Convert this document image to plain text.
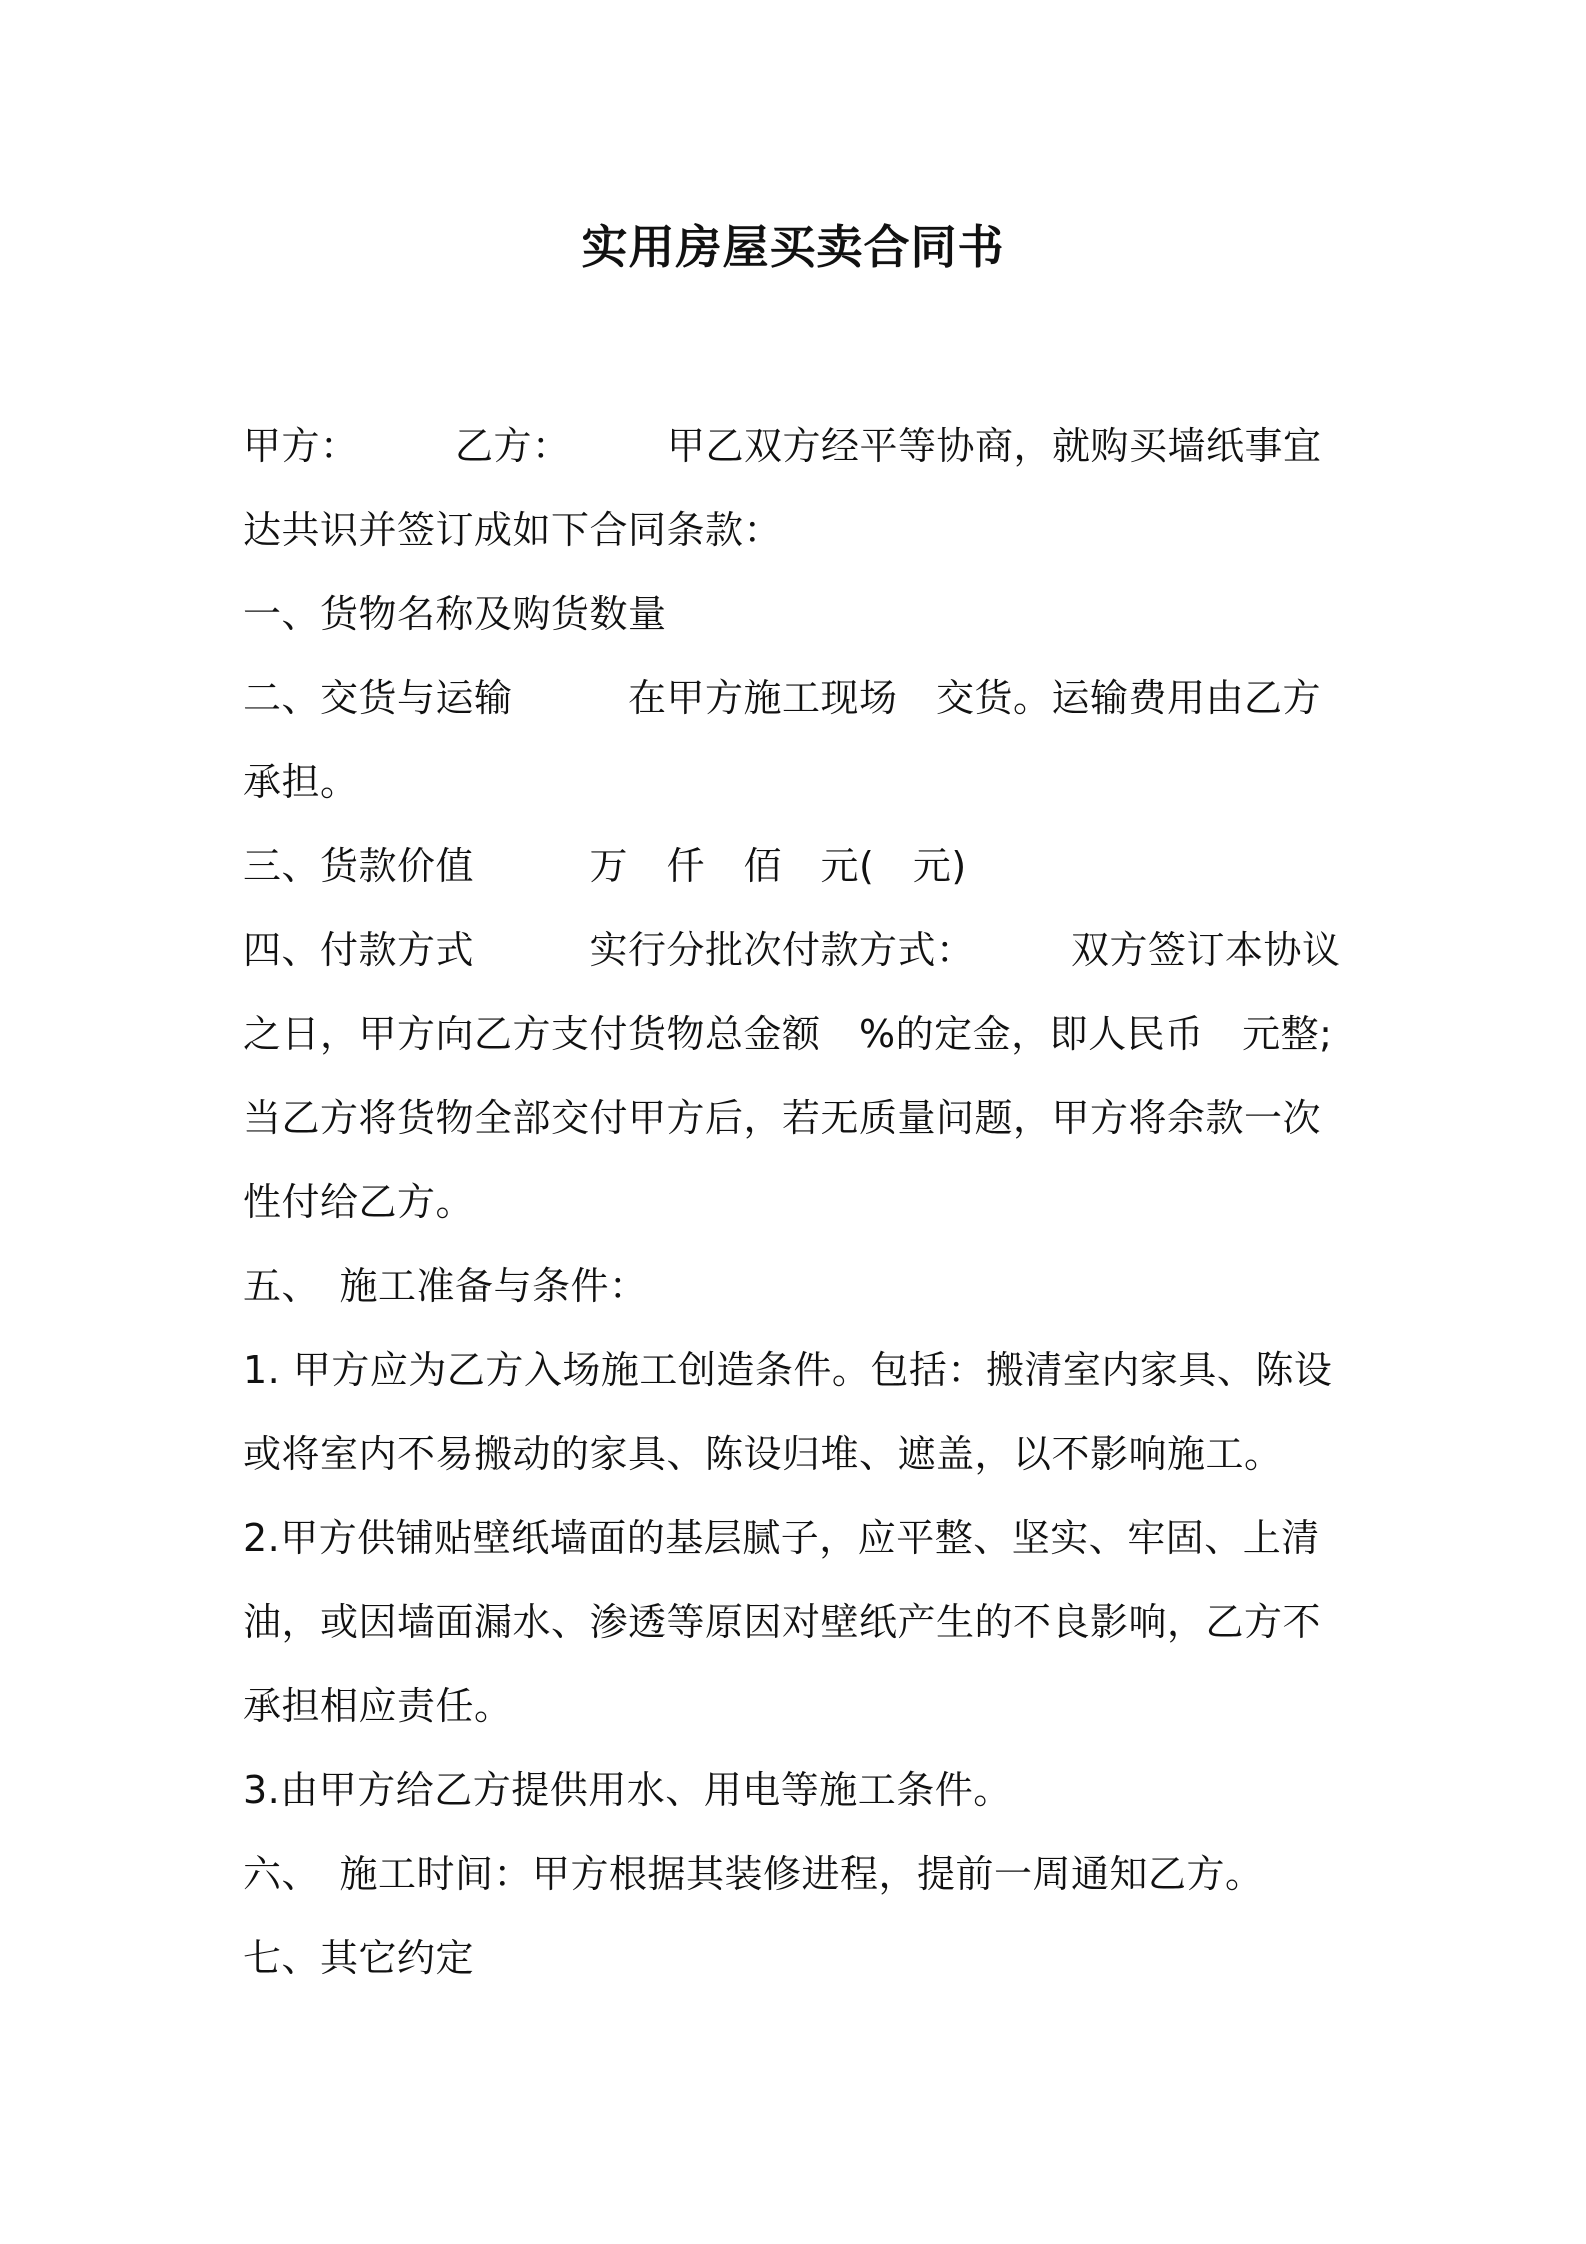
实用房屋买卖合同书

甲方：　　　乙方：　　　甲乙双方经平等协商，就购买墙纸事宜达共识并签订成如下合同条款：

一、货物名称及购货数量

二、交货与运输　　　在甲方施工现场　交货。运输费用由乙方承担。

三、货款价值　　　万　仟　佰　元(　元)

四、付款方式　　　实行分批次付款方式：　　　双方签订本协议之日，甲方向乙方支付货物总金额　%的定金，即人民币　元整;当乙方将货物全部交付甲方后，若无质量问题，甲方将余款一次性付给乙方。

五、　施工准备与条件：

1. 甲方应为乙方入场施工创造条件。包括：搬清室内家具、陈设或将室内不易搬动的家具、陈设归堆、遮盖，以不影响施工。

2.甲方供铺贴壁纸墙面的基层腻子，应平整、坚实、牢固、上清油，或因墙面漏水、渗透等原因对壁纸产生的不良影响，乙方不承担相应责任。

3.由甲方给乙方提供用水、用电等施工条件。

六、　施工时间：甲方根据其装修进程，提前一周通知乙方。

七、其它约定
